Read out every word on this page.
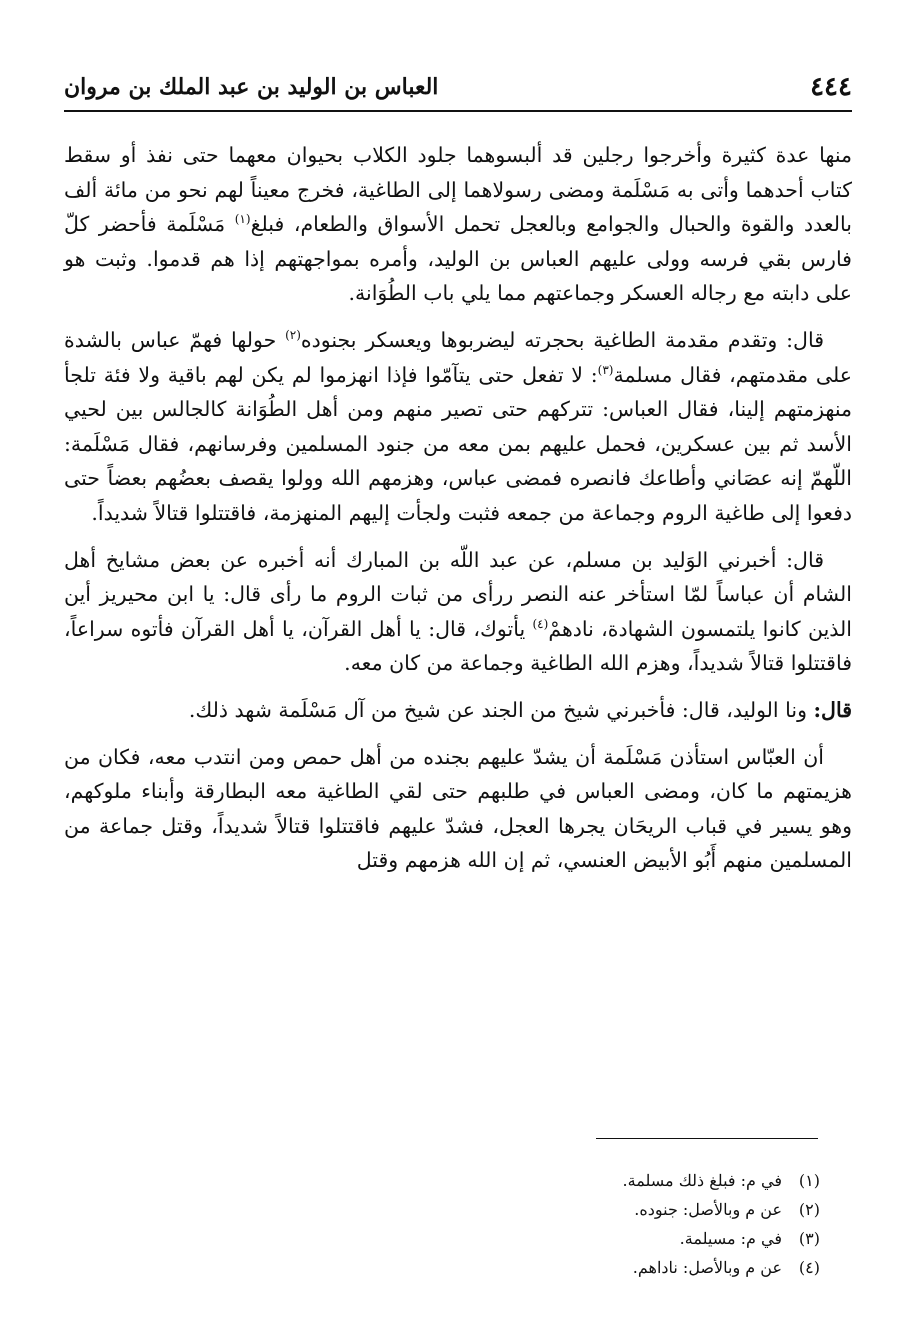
٤٤٤
العباس بن الوليد بن عبد الملك بن مروان

منها عدة كثيرة وأخرجوا رجلين قد ألبسوهما جلود الكلاب بحيوان معهما حتى نفذ أو سقط كتاب أحدهما وأتى به مَسْلَمة ومضى رسولاهما إلى الطاغية، فخرج معيناً لهم نحو من مائة ألف بالعدد والقوة والحبال والجوامع وبالعجل تحمل الأسواق والطعام، فبلغ$^{(١)}$ مَسْلَمة فأحضر كلّ فارس بقي فرسه وولى عليهم العباس بن الوليد، وأمره بمواجهتهم إذا هم قدموا. وثبت هو على دابته مع رجاله العسكر وجماعتهم مما يلي باب الطُوَانة.

قال: وتقدم مقدمة الطاغية بحجرته ليضربوها ويعسكر بجنوده$^{(٢)}$ حولها فهمّ عباس بالشدة على مقدمتهم، فقال مسلمة$^{(٣)}$: لا تفعل حتى يتآمّوا فإذا انهزموا لم يكن لهم باقية ولا فئة تلجأ منهزمتهم إلينا، فقال العباس: تتركهم حتى تصير منهم ومن أهل الطُوَانة كالجالس بين لحيي الأسد ثم بين عسكرين، فحمل عليهم بمن معه من جنود المسلمين وفرسانهم، فقال مَسْلَمة: اللّهمّ إنه عصَاني وأطاعك فانصره فمضى عباس، وهزمهم الله وولوا يقصف بعضُهم بعضاً حتى دفعوا إلى طاغية الروم وجماعة من جمعه فثبت ولجأت إليهم المنهزمة، فاقتتلوا قتالاً شديداً.

قال: أخبرني الوَليد بن مسلم، عن عبد اللّه بن المبارك أنه أخبره عن بعض مشايخ أهل الشام أن عباساً لمّا استأخر عنه النصر ررأى من ثبات الروم ما رأى قال: يا ابن محيريز أين الذين كانوا يلتمسون الشهادة، نادهمْ$^{(٤)}$ يأتوك، قال: يا أهل القرآن، يا أهل القرآن فأتوه سراعاً، فاقتتلوا قتالاً شديداً، وهزم الله الطاغية وجماعة من كان معه.

قال: ونا الوليد، قال: فأخبرني شيخ من الجند عن شيخ من آل مَسْلَمة شهد ذلك.

أن العبّاس استأذن مَسْلَمة أن يشدّ عليهم بجنده من أهل حمص ومن انتدب معه، فكان من هزيمتهم ما كان، ومضى العباس في طلبهم حتى لقي الطاغية معه البطارقة وأبناء ملوكهم، وهو يسير في قباب الريحَان يجرها العجل، فشدّ عليهم فاقتتلوا قتالاً شديداً، وقتل جماعة من المسلمين منهم أَبُو الأبيض العنسي، ثم إن الله هزمهم وقتل

(١)في م: فبلغ ذلك مسلمة.
(٢)عن م وبالأصل: جنوده.
(٣)في م: مسيلمة.
(٤)عن م وبالأصل: ناداهم.
